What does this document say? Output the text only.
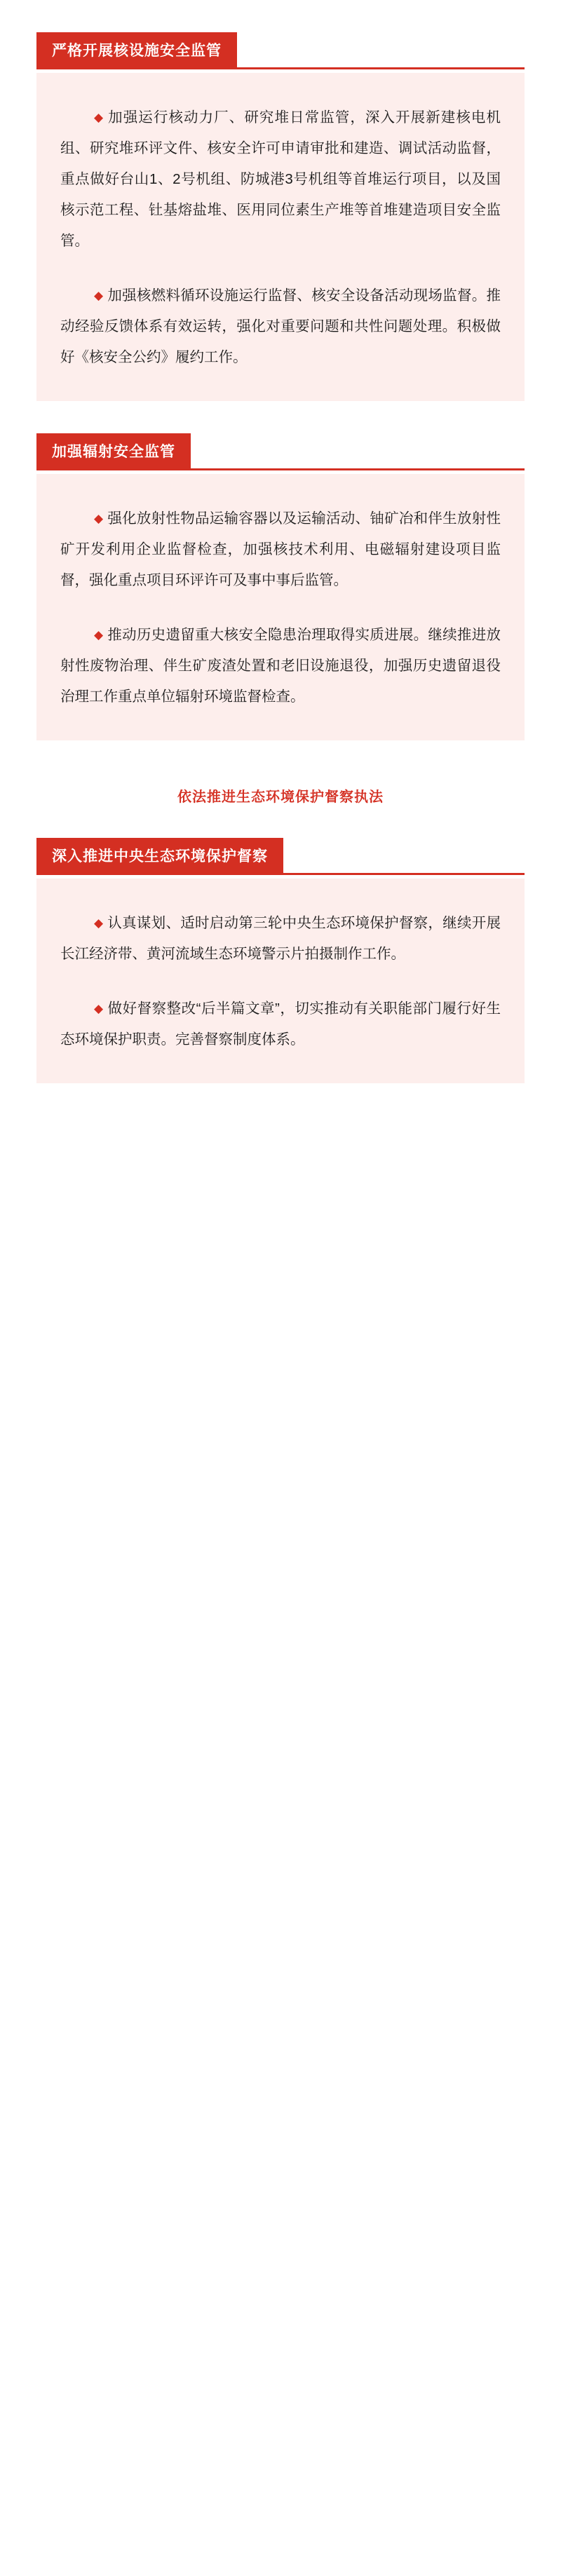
严格开展核设施安全监管
◆ 加强运行核动力厂、研究堆日常监管，深入开展新建核电机组、研究堆环评文件、核安全许可申请审批和建造、调试活动监督，重点做好台山1、2号机组、防城港3号机组等首堆运行项目，以及国核示范工程、钍基熔盐堆、医用同位素生产堆等首堆建造项目安全监管。
◆ 加强核燃料循环设施运行监督、核安全设备活动现场监督。推动经验反馈体系有效运转，强化对重要问题和共性问题处理。积极做好《核安全公约》履约工作。
加强辐射安全监管
◆ 强化放射性物品运输容器以及运输活动、铀矿冶和伴生放射性矿开发利用企业监督检查，加强核技术利用、电磁辐射建设项目监督，强化重点项目环评许可及事中事后监管。
◆ 推动历史遗留重大核安全隐患治理取得实质进展。继续推进放射性废物治理、伴生矿废渣处置和老旧设施退役，加强历史遗留退役治理工作重点单位辐射环境监督检查。
依法推进生态环境保护督察执法
深入推进中央生态环境保护督察
◆ 认真谋划、适时启动第三轮中央生态环境保护督察，继续开展长江经济带、黄河流域生态环境警示片拍摄制作工作。
◆ 做好督察整改“后半篇文章”，切实推动有关职能部门履行好生态环境保护职责。完善督察制度体系。
